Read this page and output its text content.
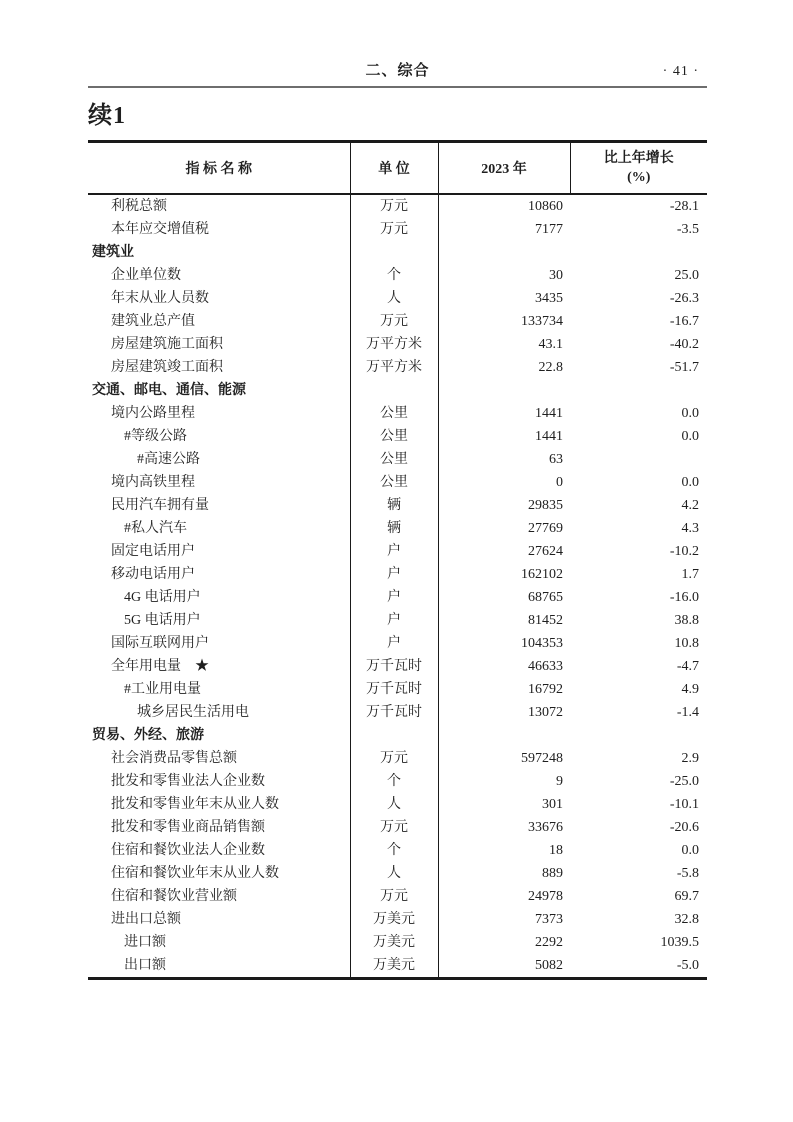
二、综合	· 41 ·
续1
指 标 名 称	单 位	2023 年	比上年增长
(%)

利税总额	万元	10860	-28.1
本年应交增值税	万元	7177	-3.5
建筑业			
企业单位数	个	30	25.0
年末从业人员数	人	3435	-26.3
建筑业总产值	万元	133734	-16.7
房屋建筑施工面积	万平方米	43.1	-40.2
房屋建筑竣工面积	万平方米	22.8	-51.7
交通、邮电、通信、能源			
境内公路里程	公里	1441	0.0
#等级公路	公里	1441	0.0
#高速公路	公里	63	
境内高铁里程	公里	0	0.0
民用汽车拥有量	辆	29835	4.2
#私人汽车	辆	27769	4.3
固定电话用户	户	27624	-10.2
移动电话用户	户	162102	1.7
4G 电话用户	户	68765	-16.0
5G 电话用户	户	81452	38.8
国际互联网用户	户	104353	10.8
全年用电量　★	万千瓦时	46633	-4.7
#工业用电量	万千瓦时	16792	4.9
城乡居民生活用电	万千瓦时	13072	-1.4
贸易、外经、旅游			
社会消费品零售总额	万元	597248	2.9
批发和零售业法人企业数	个	9	-25.0
批发和零售业年末从业人数	人	301	-10.1
批发和零售业商品销售额	万元	33676	-20.6
住宿和餐饮业法人企业数	个	18	0.0
住宿和餐饮业年末从业人数	人	889	-5.8
住宿和餐饮业营业额	万元	24978	69.7
进出口总额	万美元	7373	32.8
进口额	万美元	2292	1039.5
出口额	万美元	5082	-5.0
